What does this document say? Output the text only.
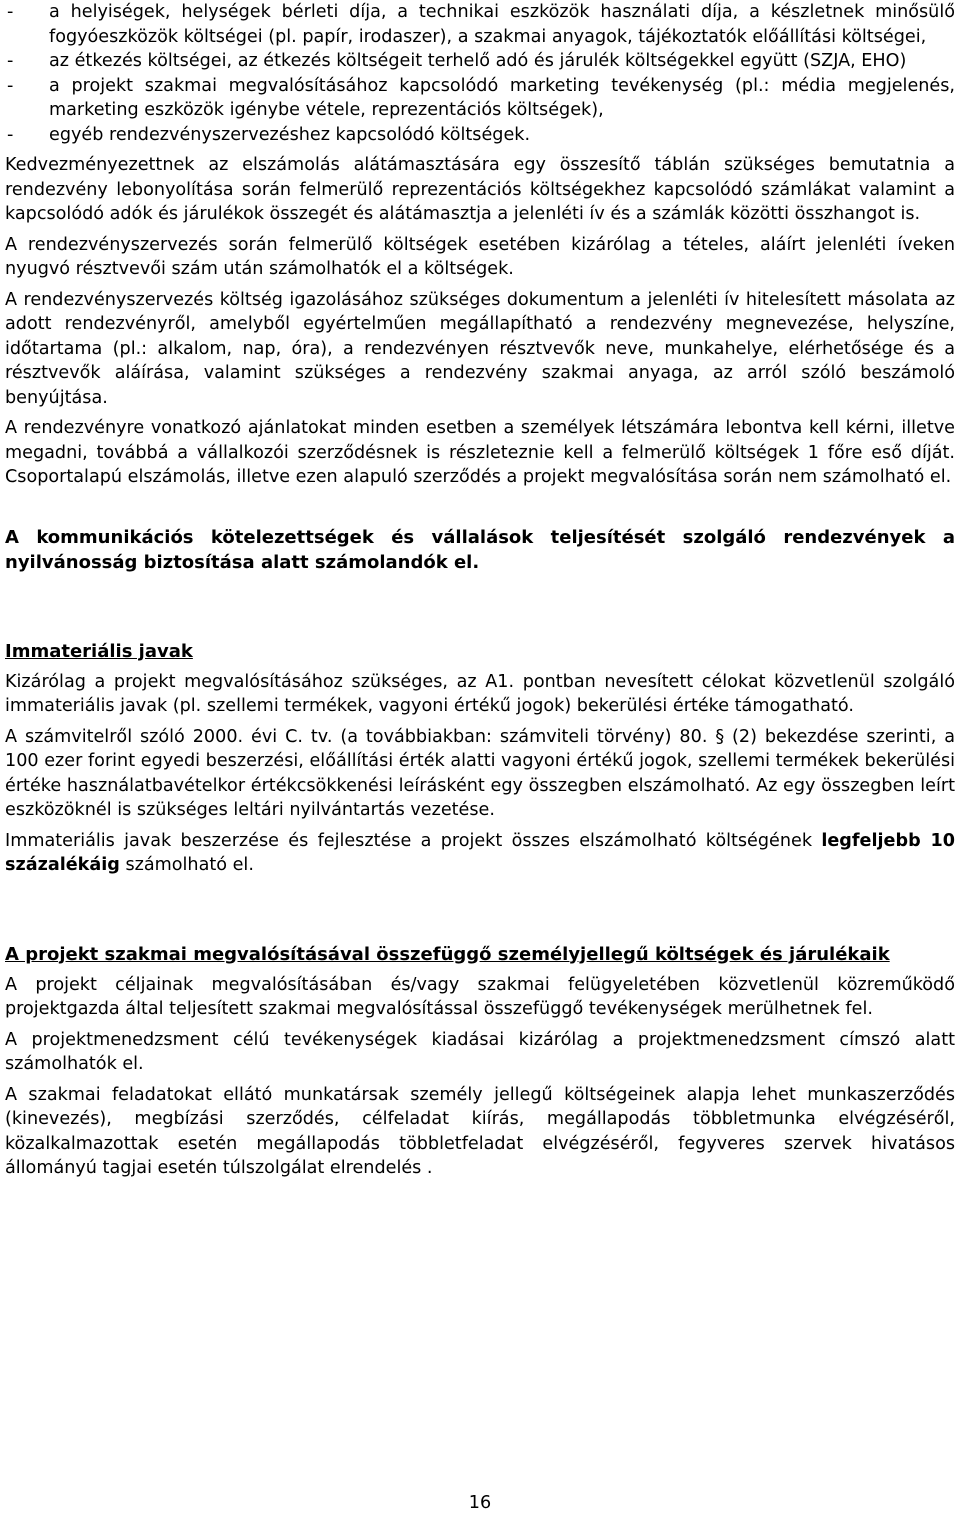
-	a helyiségek, helységek bérleti díja, a technikai eszközök használati díja, a készletnek minősülő fogyóeszközök költségei (pl. papír, irodaszer), a szakmai anyagok, tájékoztatók előállítási költségei,
-	az étkezés költségei, az étkezés költségeit terhelő adó és járulék költségekkel együtt (SZJA, EHO)
-	a projekt szakmai megvalósításához kapcsolódó marketing tevékenység (pl.: média megjelenés, marketing eszközök igénybe vétele, reprezentációs költségek),
-	egyéb rendezvényszervezéshez kapcsolódó költségek.

Kedvezményezettnek az elszámolás alátámasztására egy összesítő táblán szükséges bemutatnia a rendezvény lebonyolítása során felmerülő reprezentációs költségekhez kapcsolódó számlákat valamint a kapcsolódó adók és járulékok összegét és alátámasztja a jelenléti ív és a számlák közötti összhangot is.

A rendezvényszervezés során felmerülő költségek esetében kizárólag a tételes, aláírt jelenléti íveken nyugvó résztvevői szám után számolhatók el a költségek.

A rendezvényszervezés költség igazolásához szükséges dokumentum a jelenléti ív hitelesített másolata az adott rendezvényről, amelyből egyértelműen megállapítható a rendezvény megnevezése, helyszíne, időtartama (pl.: alkalom, nap, óra), a rendezvényen résztvevők neve, munkahelye, elérhetősége és a résztvevők aláírása, valamint szükséges a rendezvény szakmai anyaga, az arról szóló beszámoló benyújtása.

A rendezvényre vonatkozó ajánlatokat minden esetben a személyek létszámára lebontva kell kérni, illetve megadni, továbbá a vállalkozói szerződésnek is részleteznie kell a felmerülő költségek 1 főre eső díját. Csoportalapú elszámolás, illetve ezen alapuló szerződés a projekt megvalósítása során nem számolható el.

A kommunikációs kötelezettségek és vállalások teljesítését szolgáló rendezvények a nyilvánosság biztosítása alatt számolandók el.

Immateriális javak

Kizárólag a projekt megvalósításához szükséges, az A1. pontban nevesített célokat közvetlenül szolgáló immateriális javak (pl. szellemi termékek, vagyoni értékű jogok) bekerülési értéke támogatható.

A számvitelről szóló 2000. évi C. tv. (a továbbiakban: számviteli törvény) 80. § (2) bekezdése szerinti, a 100 ezer forint egyedi beszerzési, előállítási érték alatti vagyoni értékű jogok, szellemi termékek bekerülési értéke használatbavételkor értékcsökkenési leírásként egy összegben elszámolható. Az egy összegben leírt eszközöknél is szükséges leltári nyilvántartás vezetése.

Immateriális javak beszerzése és fejlesztése a projekt összes elszámolható költségének legfeljebb 10 százalékáig számolható el.

A projekt szakmai megvalósításával összefüggő személyjellegű költségek és járulékaik

A projekt céljainak megvalósításában és/vagy szakmai felügyeletében közvetlenül közreműködő projektgazda által teljesített szakmai megvalósítással összefüggő tevékenységek merülhetnek fel.

A projektmenedzsment célú tevékenységek kiadásai kizárólag a projektmenedzsment címszó alatt számolhatók el.

A szakmai feladatokat ellátó munkatársak személy jellegű költségeinek alapja lehet munkaszerződés (kinevezés), megbízási szerződés, célfeladat kiírás, megállapodás többletmunka elvégzéséről, közalkalmazottak esetén megállapodás többletfeladat elvégzéséről, fegyveres szervek hivatásos állományú tagjai esetén túlszolgálat elrendelés .

16
